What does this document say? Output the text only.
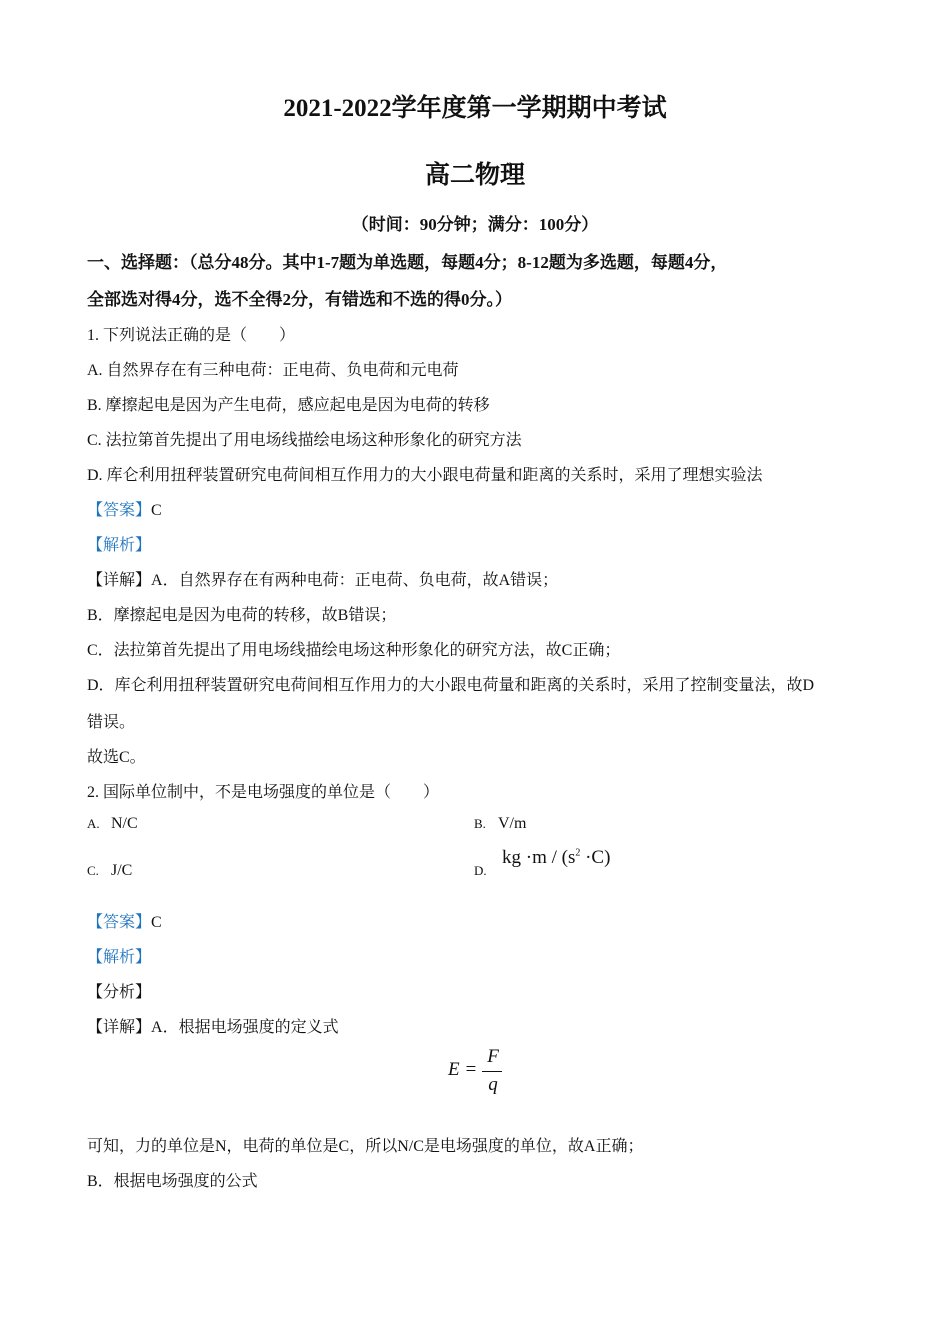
2021-2022学年度第一学期期中考试
高二物理
（时间：90分钟；满分：100分）
一、选择题：（总分48分。其中1-7题为单选题，每题4分；8-12题为多选题，每题4分，
全部选对得4分，选不全得2分，有错选和不选的得0分。）
1. 下列说法正确的是（　　）
A. 自然界存在有三种电荷：正电荷、负电荷和元电荷
B. 摩擦起电是因为产生电荷，感应起电是因为电荷的转移
C. 法拉第首先提出了用电场线描绘电场这种形象化的研究方法
D. 库仑利用扭秤装置研究电荷间相互作用力的大小跟电荷量和距离的关系时，采用了理想实验法
【答案】C
【解析】
【详解】A．自然界存在有两种电荷：正电荷、负电荷，故A错误；
B．摩擦起电是因为电荷的转移，故B错误；
C．法拉第首先提出了用电场线描绘电场这种形象化的研究方法，故C正确；
D．库仑利用扭秤装置研究电荷间相互作用力的大小跟电荷量和距离的关系时，采用了控制变量法，故D
错误。
故选C。
2. 国际单位制中，不是电场强度的单位是（　　）
A. N/C	B. V/m
C. J/C	D.
kg $\cdot m / (s^2 \cdot C)$
【答案】C
【解析】
【分析】
【详解】A．根据电场强度的定义式
E =
F
q
可知，力的单位是N，电荷的单位是C，所以N/C是电场强度的单位，故A正确；
B．根据电场强度的公式
